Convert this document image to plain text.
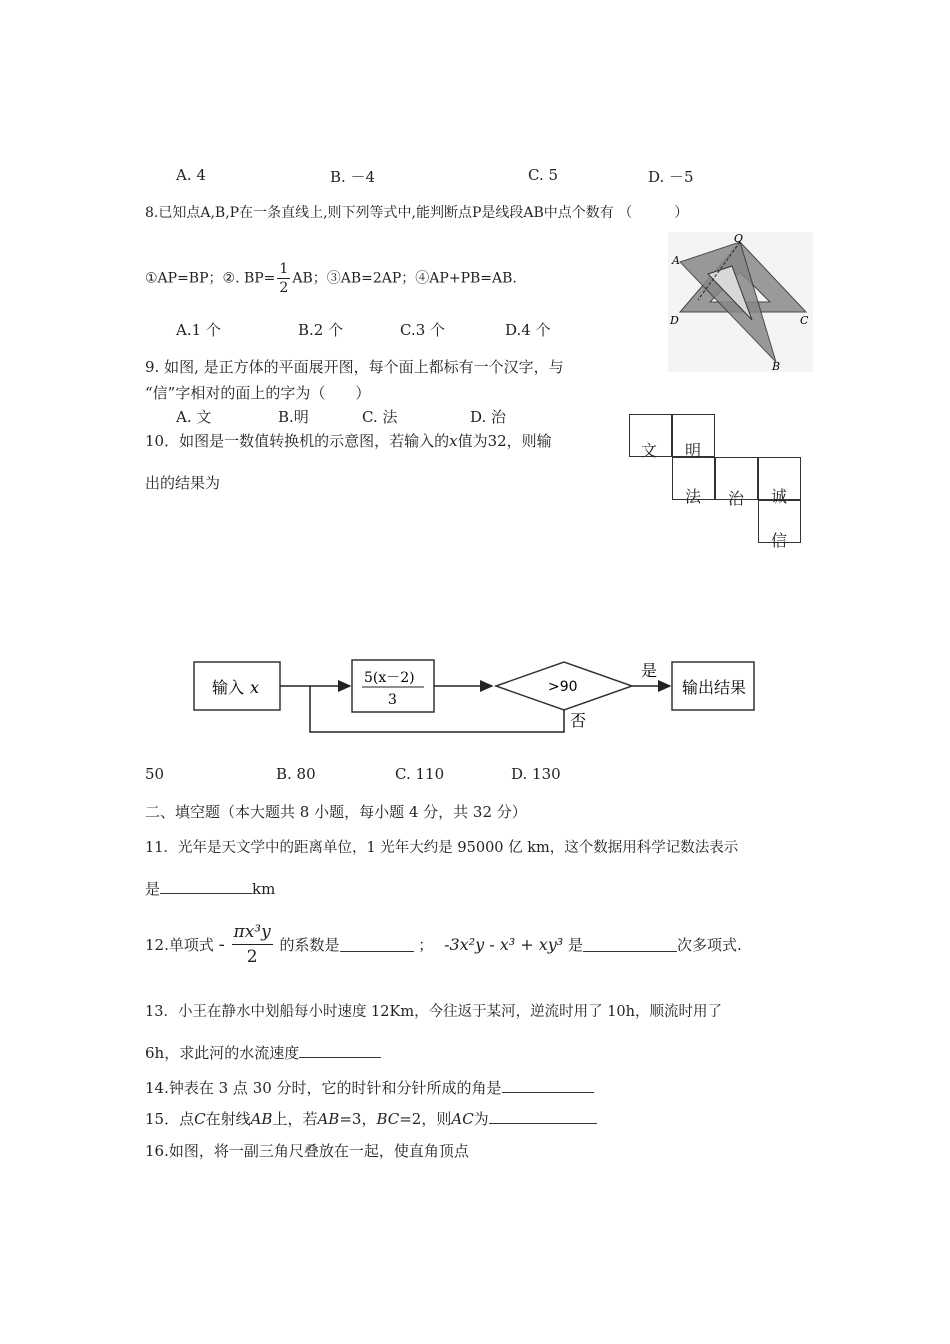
A. 4	B. －4	C. 5	D. －5
8.已知点A,B,P在一条直线上,则下列等式中,能判断点P是线段AB中点个数有 （　　　）
①AP=BP；②. $BP= \frac{1}{2}$ AB；③AB=2AP；④AP+PB=AB.
A.1 个	B.2 个	C.3 个	D.4 个
O
A
D	C
B
9. 如图, 是正方体的平面展开图，每个面上都标有一个汉字，与
“信”字相对的面上的字为（　　）
A. 文	B.明	C. 法	D. 治
文 明
法 治 诚
信
10．如图是一数值转换机的示意图，若输入的x值为32，则输
出的结果为
输入 x	5(x－2)
3
>90
是
输出结果
否
50	B. 80	C. 110	D. 130
二、填空题（本大题共 8 小题，每小题 4 分，共 32 分）
11．光年是天文学中的距离单位，1 光年大约是 95000 亿 km，这个数据用科学记数法表示
是	km
12.单项式 - $\frac{\text{πx³y}}{2}$ 的系数是	； -3x²y - x³ + xy³ 是	次多项式.
13．小王在静水中划船每小时速度 12Km，今往返于某河，逆流时用了 10h，顺流时用了
6h，求此河的水流速度
14.钟表在 3 点 30 分时，它的时针和分针所成的角是
15．点C在射线AB上，若AB=3，BC=2，则AC为
16.如图，将一副三角尺叠放在一起，使直角顶点
